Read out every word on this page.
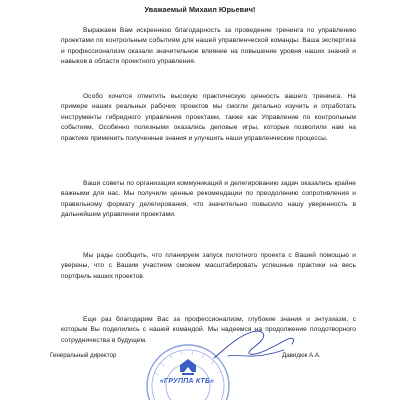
Уважаемый Михаил Юрьевич!

Выражаем Вам искреннюю благодарность за проведение тренинга по управлению проектами по контрольным событиям для нашей управленческой команды. Ваша экспертиза и профессионализм оказали значительное влияние на повышение уровня наших знаний и навыков в области проектного управления.

Особо хочется отметить высокую практическую ценность вашего тренинга. На примере наших реальных рабочих проектов мы смогли детально изучить и отработать инструменты гибридного управления проектами, также как Управление по контрольным событиям. Особенно полезными оказались деловые игры, которые позволили нам на практике применить полученные знания и улучшить наши управленческие процессы.

Ваши советы по организации коммуникаций и делегированию задач оказались крайне важными для нас. Мы получили ценные рекомендации по преодолению сопротивления и правильному формату делегирования, что значительно повысило нашу уверенность в дальнейшем управлении проектами.

Мы рады сообщить, что планируем запуск пилотного проекта с Вашей помощью и уверены, что с Вашим участием сможем масштабировать успешные практики на весь портфель наших проектов.

Еще раз благодарим Вас за профессионализм, глубокие знания и энтузиазм, с которым Вы поделились с нашей командой. Мы надеемся на продолжение плодотворного сотрудничества в будущем.

«ГРУППА КТБ»
Генеральный директор	Давидюк А.А.
